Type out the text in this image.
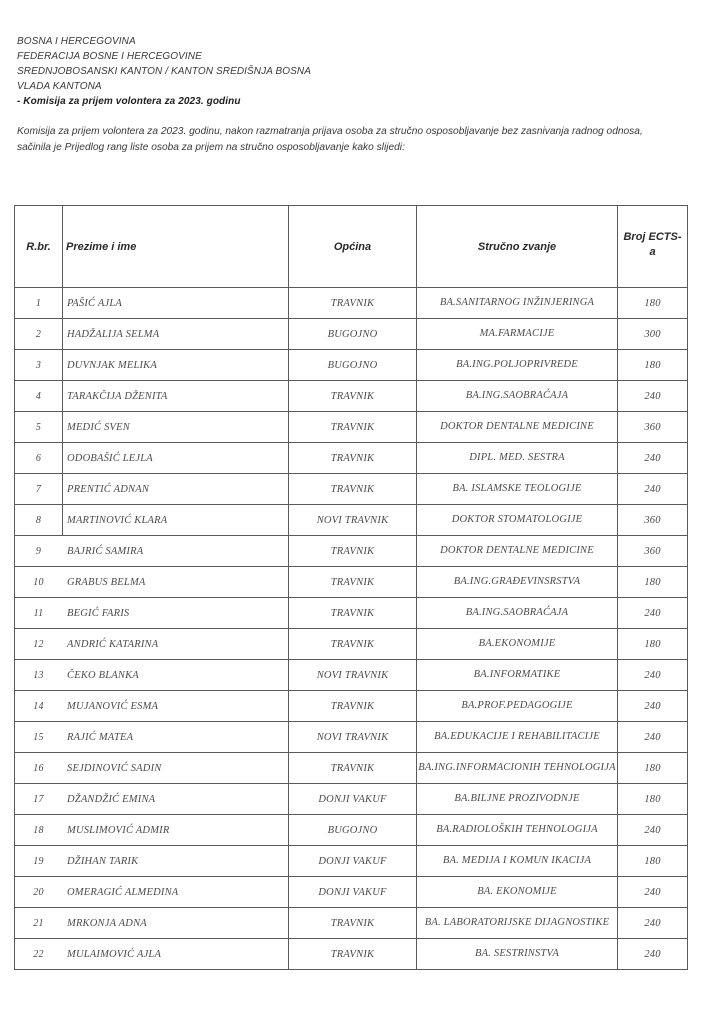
BOSNA I HERCEGOVINA
FEDERACIJA BOSNE I HERCEGOVINE
SREDNJOBOSANSKI KANTON / KANTON SREDIŠNJA BOSNA
VLADA KANTONA
- Komisija za prijem volontera za 2023. godinu
Komisija za prijem volontera za 2023. godinu, nakon razmatranja prijava osoba za stručno osposobljavanje bez zasnivanja radnog odnosa,
sačinila je Prijedlog rang liste osoba za prijem na stručno osposobljavanje kako slijedi:
R.br.	Prezime i ime	Općina	Stručno zvanje	Broj ECTS-
a
1	PAŠIĆ AJLA	TRAVNIK	BA.SANITARNOG INŽINJERINGA	180
2	HADŽALIJA SELMA	BUGOJNO	MA.FARMACIJE	300
3	DUVNJAK MELIKA	BUGOJNO	BA.ING.POLJOPRIVREDE	180
4	TARAKČIJA DŽENITA	TRAVNIK	BA.ING.SAOBRAĆAJA	240
5	MEDIĆ SVEN	TRAVNIK	DOKTOR DENTALNE MEDICINE	360
6	ODOBAŠIĆ LEJLA	TRAVNIK	DIPL. MED. SESTRA	240
7	PRENTIĆ ADNAN	TRAVNIK	BA. ISLAMSKE TEOLOGIJE	240
8	MARTINOVIĆ KLARA	NOVI TRAVNIK	DOKTOR STOMATOLOGIJE	360
9	BAJRIĆ SAMIRA	TRAVNIK	DOKTOR DENTALNE MEDICINE	360
10	GRABUS BELMA	TRAVNIK	BA.ING.GRAĐEVINSRSTVA	180
11	BEGIĆ FARIS	TRAVNIK	BA.ING.SAOBRAĆAJA	240
12	ANDRIĆ KATARINA	TRAVNIK	BA.EKONOMIJE	180
13	ČEKO BLANKA	NOVI TRAVNIK	BA.INFORMATIKE	240
14	MUJANOVIĆ ESMA	TRAVNIK	BA.PROF.PEDAGOGIJE	240
15	RAJIĆ MATEA	NOVI TRAVNIK	BA.EDUKACIJE I REHABILITACIJE	240
16	SEJDINOVIĆ SADIN	TRAVNIK	BA.ING.INFORMACIONIH TEHNOLOGIJA	180
17	DŽANDŽIĆ EMINA	DONJI VAKUF	BA.BILJNE PROZIVODNJE	180
18	MUSLIMOVIĆ ADMIR	BUGOJNO	BA.RADIOLOŠKIH TEHNOLOGIJA	240
19	DŽIHAN TARIK	DONJI VAKUF	BA. MEDIJA I KOMUN IKACIJA	180
20	OMERAGIĆ ALMEDINA	DONJI VAKUF	BA. EKONOMIJE	240
21	MRKONJA ADNA	TRAVNIK	BA. LABORATORIJSKE DIJAGNOSTIKE	240
22	MULAIMOVIĆ AJLA	TRAVNIK	BA. SESTRINSTVA	240
